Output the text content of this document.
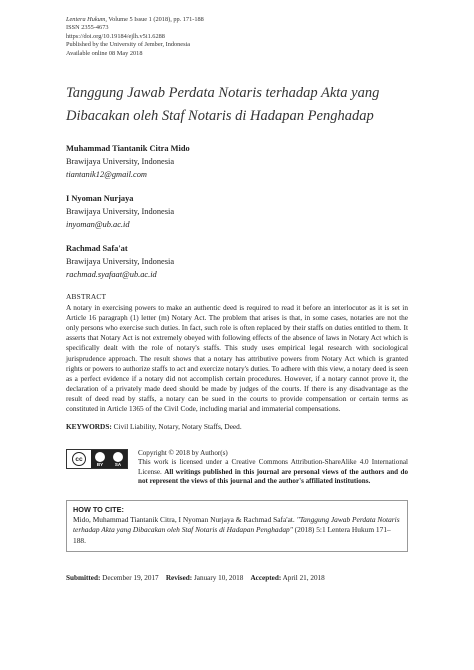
Lentera Hukum, Volume 5 Issue 1 (2018), pp. 171-188
ISSN 2355-4673
https://doi.org/10.19184/ejlh.v5i1.6288
Published by the University of Jember, Indonesia
Available online 08 May 2018
Tanggung Jawab Perdata Notaris terhadap Akta yang
Dibacakan oleh Staf Notaris di Hadapan Penghadap
Muhammad Tiantanik Citra Mido
Brawijaya University, Indonesia
tiantanik12@gmail.com
I Nyoman Nurjaya
Brawijaya University, Indonesia
inyoman@ub.ac.id
Rachmad Safa'at
Brawijaya University, Indonesia
rachmad.syafaat@ub.ac.id
ABSTRACT
A notary in exercising powers to make an authentic deed is required to read it before an interlocutor as it is set in Article 16 paragraph (1) letter (m) Notary Act. The problem that arises is that, in some cases, notaries are not the only persons who exercise such duties. In fact, such role is often replaced by their staffs on duties entitled to them. It asserts that Notary Act is not extremely obeyed with following effects of the absence of laws in Notary Act which is specifically dealt with the role of notary's staffs. This study uses empirical legal research with sociological jurisprudence approach. The result shows that a notary has attributive powers from Notary Act which is granted rights or powers to authorize staffs to act and exercize notary's duties. To adhere with this view, a notary deed is seen as a perfect evidence if a notary did not accomplish certain procedures. However, if a notary cannot prove it, the declaration of a privately made deed should be made by judges of the courts. If there is any disadvantage as the result of deed read by staffs, a notary can be sued in the courts to provide compensation or certain terms as constituted in Article 1365 of the Civil Code, including marial and immaterial compensations.
KEYWORDS: Civil Liability, Notary, Notary Staffs, Deed.
cc
BY	SA
Copyright © 2018 by Author(s)
This work is licensed under a Creative Commons Attribution-ShareAlike 4.0 International License. All writings published in this journal are personal views of the authors and do not represent the views of this journal and the author's affiliated institutions.
HOW TO CITE:
Mido, Muhammad Tiantanik Citra, I Nyoman Nurjaya & Rachmad Safa'at. "Tanggung Jawab Perdata Notaris terhadap Akta yang Dibacakan oleh Staf Notaris di Hadapan Penghadap" (2018) 5:1 Lentera Hukum 171–188.
Submitted: December 19, 2017 Revised: January 10, 2018 Accepted: April 21, 2018
